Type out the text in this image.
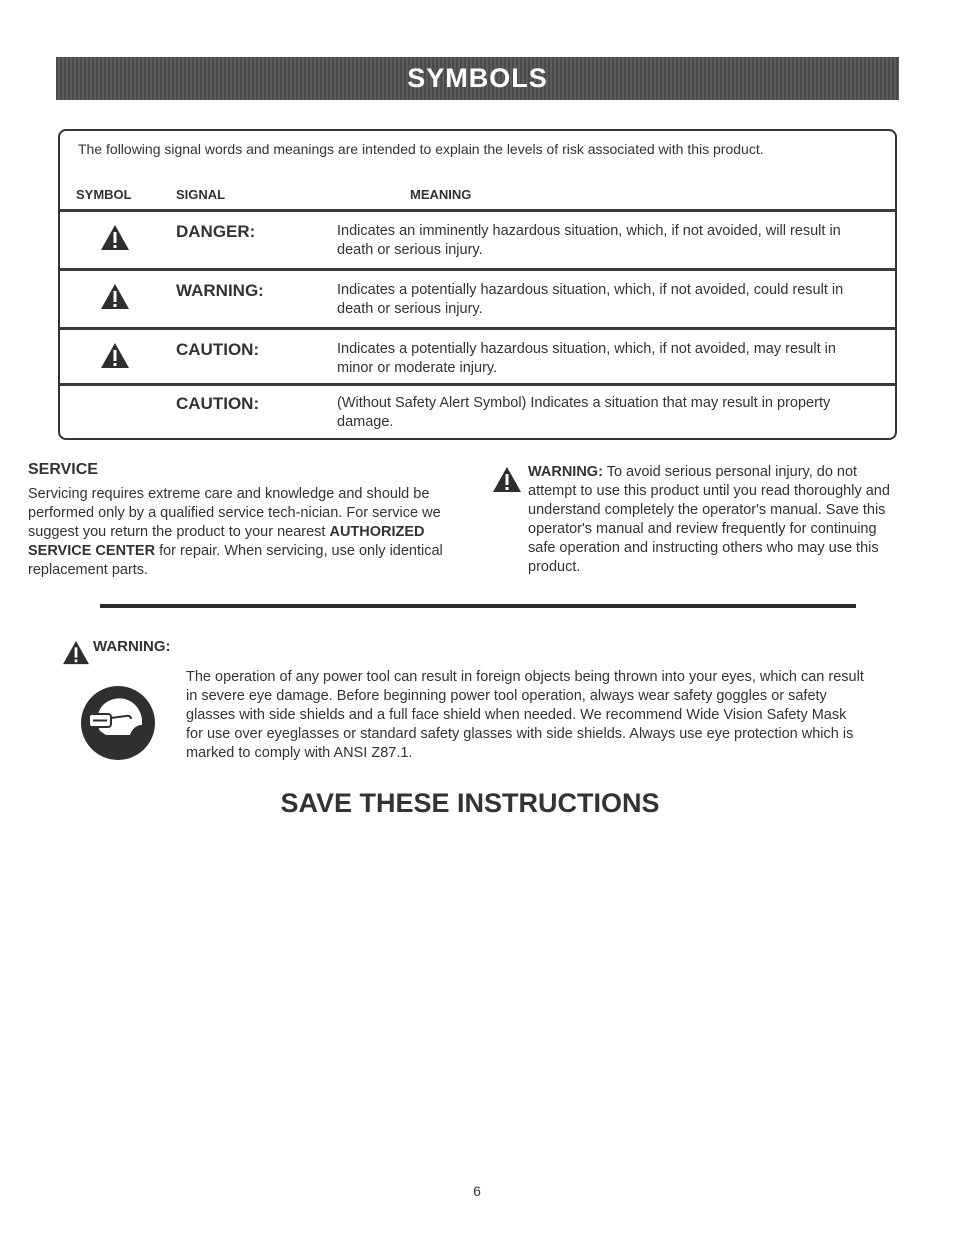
SYMBOLS
The following signal words and meanings are intended to explain the levels of risk associated with this product.
SYMBOL	SIGNAL	MEANING
DANGER:	Indicates an imminently hazardous situation, which, if not avoided, will result in death or serious injury.
WARNING:	Indicates a potentially hazardous situation, which, if not avoided, could result in death or serious injury.
CAUTION:	Indicates a potentially hazardous situation, which, if not avoided, may result in minor or moderate injury.
CAUTION:	(Without Safety Alert Symbol) Indicates a situation that may result in property damage.
SERVICE
Servicing requires extreme care and knowledge and should be performed only by a qualified service tech-nician. For service we suggest you return the product to your nearest AUTHORIZED SERVICE CENTER for repair. When servicing, use only identical replacement parts.
WARNING: To avoid serious personal injury, do not attempt to use this product until you read thoroughly and understand completely the operator's manual. Save this operator's manual and review frequently for continuing safe operation and instructing others who may use this product.
WARNING:
The operation of any power tool can result in foreign objects being thrown into your eyes, which can result in severe eye damage. Before beginning power tool operation, always wear safety goggles or safety glasses with side shields and a full face shield when needed. We recommend Wide Vision Safety Mask for use over eyeglasses or standard safety glasses with side shields. Always use eye protection which is marked to comply with ANSI Z87.1.
SAVE THESE INSTRUCTIONS
6
